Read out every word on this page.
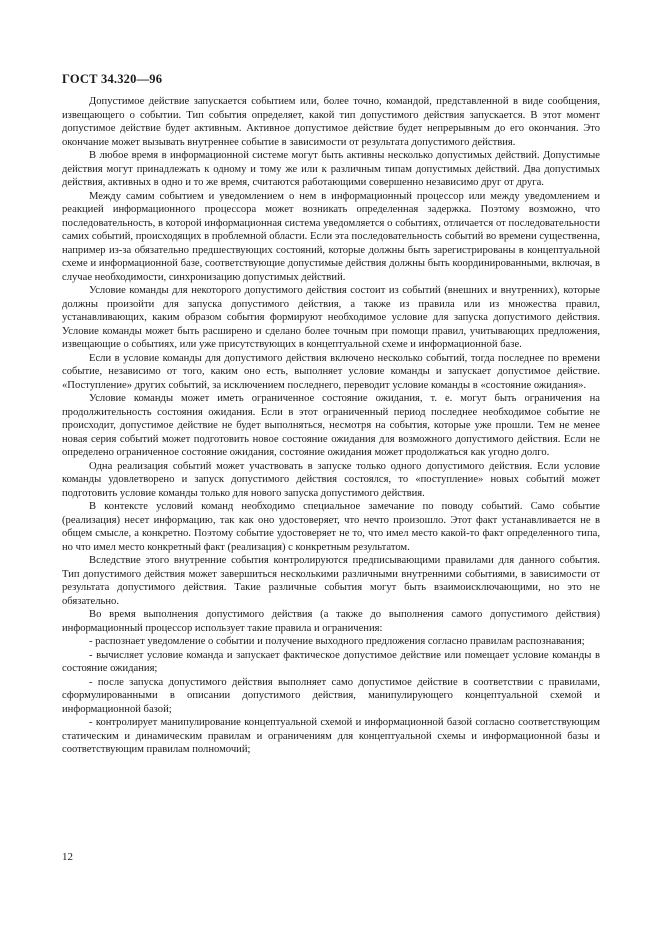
ГОСТ 34.320—96

Допустимое действие запускается событием или, более точно, командой, представленной в виде сообщения, извещающего о событии. Тип события определяет, какой тип допустимого действия запускается. В этот момент допустимое действие будет активным. Активное допустимое действие будет непрерывным до его окончания. Это окончание может вызывать внутреннее событие в зависимости от результата допустимого действия.

В любое время в информационной системе могут быть активны несколько допустимых действий. Допустимые действия могут принадлежать к одному и тому же или к различным типам допустимых действий. Два допустимых действия, активных в одно и то же время, считаются работающими совершенно независимо друг от друга.

Между самим событием и уведомлением о нем в информационный процессор или между уведомлением и реакцией информационного процессора может возникать определенная задержка. Поэтому возможно, что последовательность, в которой информационная система уведомляется о событиях, отличается от последовательности самих событий, происходящих в проблемной области. Если эта последовательность событий во времени существенна, например из-за обязательно предшествующих состояний, которые должны быть зарегистрированы в концептуальной схеме и информационной базе, соответствующие допустимые действия должны быть координированными, включая, в случае необходимости, синхронизацию допустимых действий.

Условие команды для некоторого допустимого действия состоит из событий (внешних и внутренних), которые должны произойти для запуска допустимого действия, а также из правила или из множества правил, устанавливающих, каким образом события формируют необходимое условие для запуска допустимого действия. Условие команды может быть расширено и сделано более точным при помощи правил, учитывающих предложения, извещающие о событиях, или уже присутствующих в концептуальной схеме и информационной базе.

Если в условие команды для допустимого действия включено несколько событий, тогда последнее по времени событие, независимо от того, каким оно есть, выполняет условие команды и запускает допустимое действие. «Поступление» других событий, за исключением последнего, переводит условие команды в «состояние ожидания».

Условие команды может иметь ограниченное состояние ожидания, т. е. могут быть ограничения на продолжительность состояния ожидания. Если в этот ограниченный период последнее необходимое событие не происходит, допустимое действие не будет выполняться, несмотря на события, которые уже прошли. Тем не менее новая серия событий может подготовить новое состояние ожидания для возможного допустимого действия. Если не определено ограниченное состояние ожидания, состояние ожидания может продолжаться как угодно долго.

Одна реализация событий может участвовать в запуске только одного допустимого действия. Если условие команды удовлетворено и запуск допустимого действия состоялся, то «поступление» новых событий может подготовить условие команды только для нового запуска допустимого действия.

В контексте условий команд необходимо специальное замечание по поводу событий. Само событие (реализация) несет информацию, так как оно удостоверяет, что нечто произошло. Этот факт устанавливается не в общем смысле, а конкретно. Поэтому событие удостоверяет не то, что имел место какой-то факт определенного типа, но что имел место конкретный факт (реализация) с конкретным результатом.

Вследствие этого внутренние события контролируются предписывающими правилами для данного события. Тип допустимого действия может завершиться несколькими различными внутренними событиями, в зависимости от результата допустимого действия. Такие различные события могут быть взаимоисключающими, но это не обязательно.

Во время выполнения допустимого действия (а также до выполнения самого допустимого действия) информационный процессор использует такие правила и ограничения:

- распознает уведомление о событии и получение выходного предложения согласно правилам распознавания;

- вычисляет условие команда и запускает фактическое допустимое действие или помещает условие команды в состояние ожидания;

- после запуска допустимого действия выполняет само допустимое действие в соответствии с правилами, сформулированными в описании допустимого действия, манипулирующего концептуальной схемой и информационной базой;

- контролирует манипулирование концептуальной схемой и информационной базой согласно соответствующим статическим и динамическим правилам и ограничениям для концептуальной схемы и информационной базы и соответствующим правилам полномочий;

12
